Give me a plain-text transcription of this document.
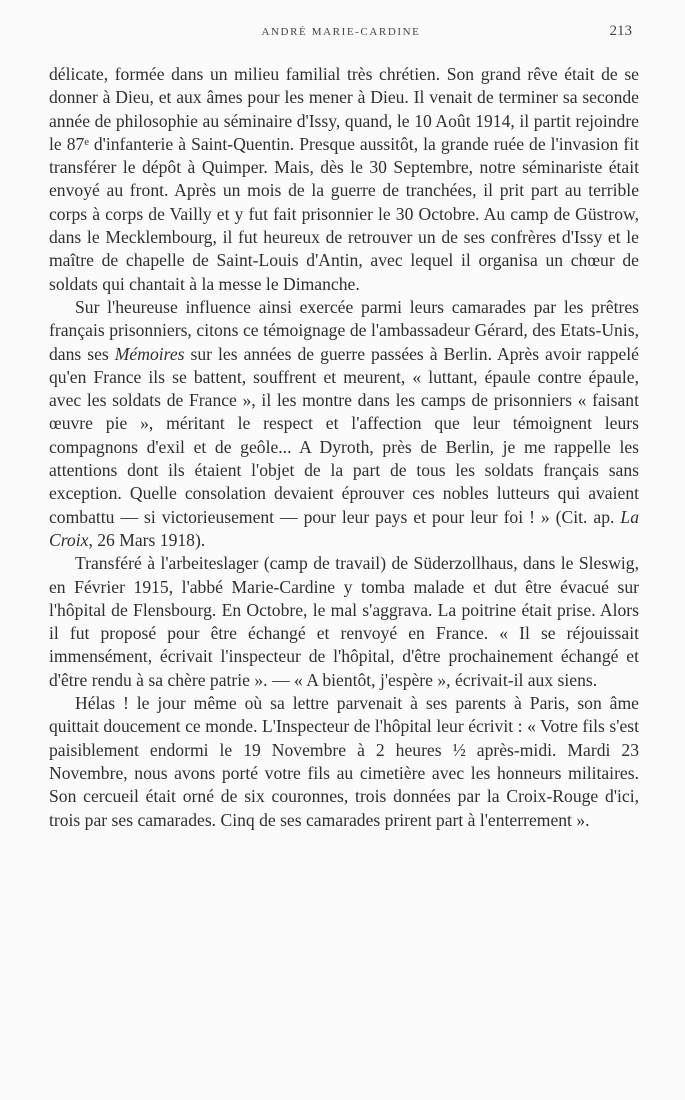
ANDRÉ MARIE-CARDINE	213

délicate, formée dans un milieu familial très chrétien. Son grand rêve était de se donner à Dieu, et aux âmes pour les mener à Dieu. Il venait de terminer sa seconde année de philosophie au séminaire d'Issy, quand, le 10 Août 1914, il partit rejoindre le 87ᵉ d'infanterie à Saint-Quentin. Presque aussitôt, la grande ruée de l'invasion fit transférer le dépôt à Quimper. Mais, dès le 30 Septembre, notre séminariste était envoyé au front. Après un mois de la guerre de tranchées, il prit part au terrible corps à corps de Vailly et y fut fait prisonnier le 30 Octobre. Au camp de Güstrow, dans le Mecklembourg, il fut heureux de retrouver un de ses confrères d'Issy et le maître de chapelle de Saint-Louis d'Antin, avec lequel il organisa un chœur de soldats qui chantait à la messe le Dimanche.

Sur l'heureuse influence ainsi exercée parmi leurs camarades par les prêtres français prisonniers, citons ce témoignage de l'ambassadeur Gérard, des Etats-Unis, dans ses Mémoires sur les années de guerre passées à Berlin. Après avoir rappelé qu'en France ils se battent, souffrent et meurent, « luttant, épaule contre épaule, avec les soldats de France », il les montre dans les camps de prisonniers « faisant œuvre pie », méritant le respect et l'affection que leur témoignent leurs compagnons d'exil et de geôle... A Dyroth, près de Berlin, je me rappelle les attentions dont ils étaient l'objet de la part de tous les soldats français sans exception. Quelle consolation devaient éprouver ces nobles lutteurs qui avaient combattu — si victorieusement — pour leur pays et pour leur foi ! » (Cit. ap. La Croix, 26 Mars 1918).

Transféré à l'arbeiteslager (camp de travail) de Süderzollhaus, dans le Sleswig, en Février 1915, l'abbé Marie-Cardine y tomba malade et dut être évacué sur l'hôpital de Flensbourg. En Octobre, le mal s'aggrava. La poitrine était prise. Alors il fut proposé pour être échangé et renvoyé en France. « Il se réjouissait immensément, écrivait l'inspecteur de l'hôpital, d'être prochainement échangé et d'être rendu à sa chère patrie ». — « A bientôt, j'espère », écrivait-il aux siens.

Hélas ! le jour même où sa lettre parvenait à ses parents à Paris, son âme quittait doucement ce monde. L'Inspecteur de l'hôpital leur écrivit : « Votre fils s'est paisiblement endormi le 19 Novembre à 2 heures ½ après-midi. Mardi 23 Novembre, nous avons porté votre fils au cimetière avec les honneurs militaires. Son cercueil était orné de six couronnes, trois données par la Croix-Rouge d'ici, trois par ses camarades. Cinq de ses camarades prirent part à l'enterrement ».
